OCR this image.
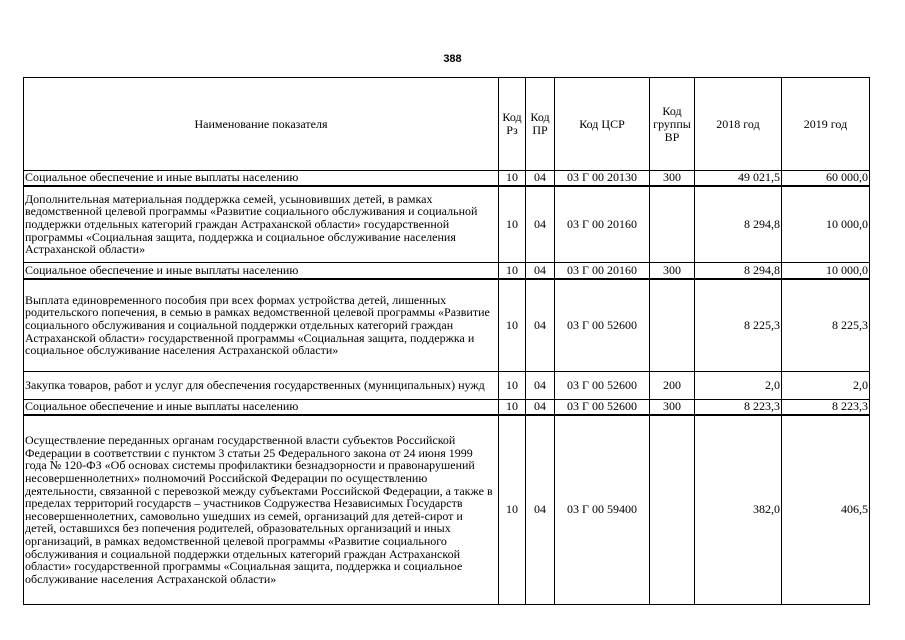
388
Наименование показателя	Код Рз	Код ПР	Код ЦСР	Код группы ВР	2018 год	2019 год
Социальное обеспечение и иные выплаты населению	10	04	03 Г 00 20130	300	49 021,5	60 000,0
Дополнительная материальная поддержка семей, усыновивших детей, в рамках ведомственной целевой программы «Развитие социального обслуживания и социальной поддержки отдельных категорий граждан Астраханской области» государственной программы «Социальная защита, поддержка и социальное обслуживание населения Астраханской области»	10	04	03 Г 00 20160		8 294,8	10 000,0
Социальное обеспечение и иные выплаты населению	10	04	03 Г 00 20160	300	8 294,8	10 000,0
Выплата единовременного пособия при всех формах устройства детей, лишенных родительского попечения, в семью в рамках ведомственной целевой программы «Развитие социального обслуживания и социальной поддержки отдельных категорий граждан Астраханской области» государственной программы «Социальная защита, поддержка и социальное обслуживание населения Астраханской области»	10	04	03 Г 00 52600		8 225,3	8 225,3
Закупка товаров, работ и услуг для обеспечения государственных (муниципальных) нужд	10	04	03 Г 00 52600	200	2,0	2,0
Социальное обеспечение и иные выплаты населению	10	04	03 Г 00 52600	300	8 223,3	8 223,3
Осуществление переданных органам государственной власти субъектов Российской Федерации в соответствии с пунктом 3 статьи 25 Федерального закона от 24 июня 1999 года № 120-ФЗ «Об основах системы профилактики безнадзорности и правонарушений несовершеннолетних» полномочий Российской Федерации по осуществлению деятельности, связанной с перевозкой между субъектами Российской Федерации, а также в пределах территорий государств – участников Содружества Независимых Государств несовершеннолетних, самовольно ушедших из семей, организаций для детей-сирот и детей, оставшихся без попечения родителей, образовательных организаций и иных организаций, в рамках ведомственной целевой программы «Развитие социального обслуживания и социальной поддержки отдельных категорий граждан Астраханской области» государственной программы «Социальная защита, поддержка и социальное обслуживание населения Астраханской области»	10	04	03 Г 00 59400		382,0	406,5
